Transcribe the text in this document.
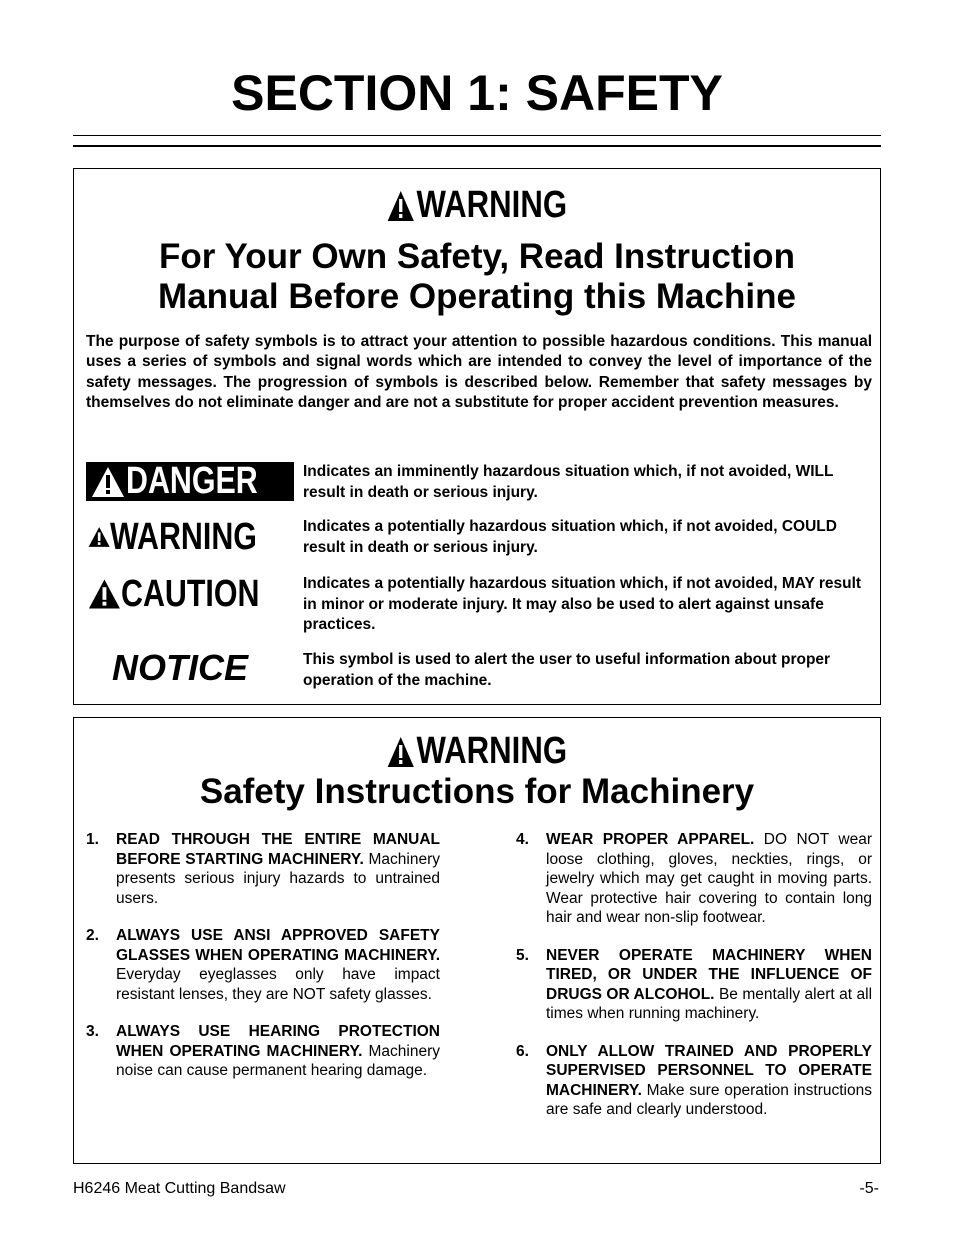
SECTION 1: SAFETY
WARNING
For Your Own Safety, Read Instruction
Manual Before Operating this Machine
The purpose of safety symbols is to attract your attention to possible hazardous conditions. This manual uses a series of symbols and signal words which are intended to convey the level of importance of the safety messages. The progression of symbols is described below. Remember that safety messages by themselves do not eliminate danger and are not a substitute for proper accident prevention measures.
DANGER	Indicates an imminently hazardous situation which, if not avoided, WILL result in death or serious injury.
WARNING	Indicates a potentially hazardous situation which, if not avoided, COULD result in death or serious injury.
CAUTION	Indicates a potentially hazardous situation which, if not avoided, MAY result in minor or moderate injury. It may also be used to alert against unsafe practices.
NOTICE	This symbol is used to alert the user to useful information about proper operation of the machine.
WARNING
Safety Instructions for Machinery
1. READ THROUGH THE ENTIRE MANUAL BEFORE STARTING MACHINERY. Machinery presents serious injury hazards to untrained users.
2. ALWAYS USE ANSI APPROVED SAFETY GLASSES WHEN OPERATING MACHINERY. Everyday eyeglasses only have impact resistant lenses, they are NOT safety glasses.
3. ALWAYS USE HEARING PROTECTION WHEN OPERATING MACHINERY. Machinery noise can cause permanent hearing damage.
4. WEAR PROPER APPAREL. DO NOT wear loose clothing, gloves, neckties, rings, or jewelry which may get caught in moving parts. Wear protective hair covering to contain long hair and wear non-slip footwear.
5. NEVER OPERATE MACHINERY WHEN TIRED, OR UNDER THE INFLUENCE OF DRUGS OR ALCOHOL. Be mentally alert at all times when running machinery.
6. ONLY ALLOW TRAINED AND PROPERLY SUPERVISED PERSONNEL TO OPERATE MACHINERY. Make sure operation instructions are safe and clearly understood.
H6246 Meat Cutting Bandsaw	-5-
